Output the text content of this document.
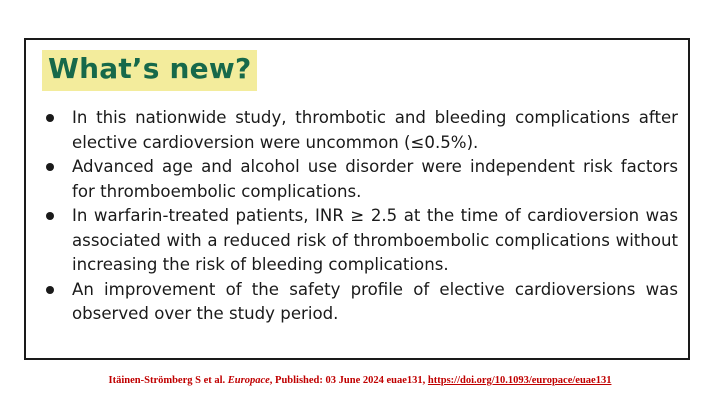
What’s new?
In this nationwide study, thrombotic and bleeding complications after elective cardioversion were uncommon (≤0.5%).
Advanced age and alcohol use disorder were independent risk factors for thromboembolic complications.
In warfarin-treated patients, INR ≥ 2.5 at the time of cardioversion was associated with a reduced risk of thromboembolic complications without increasing the risk of bleeding complications.
An improvement of the safety profile of elective cardioversions was observed over the study period.
Itäinen-Strömberg S et al. Europace, Published: 03 June 2024 euae131, https://doi.org/10.1093/europace/euae131
